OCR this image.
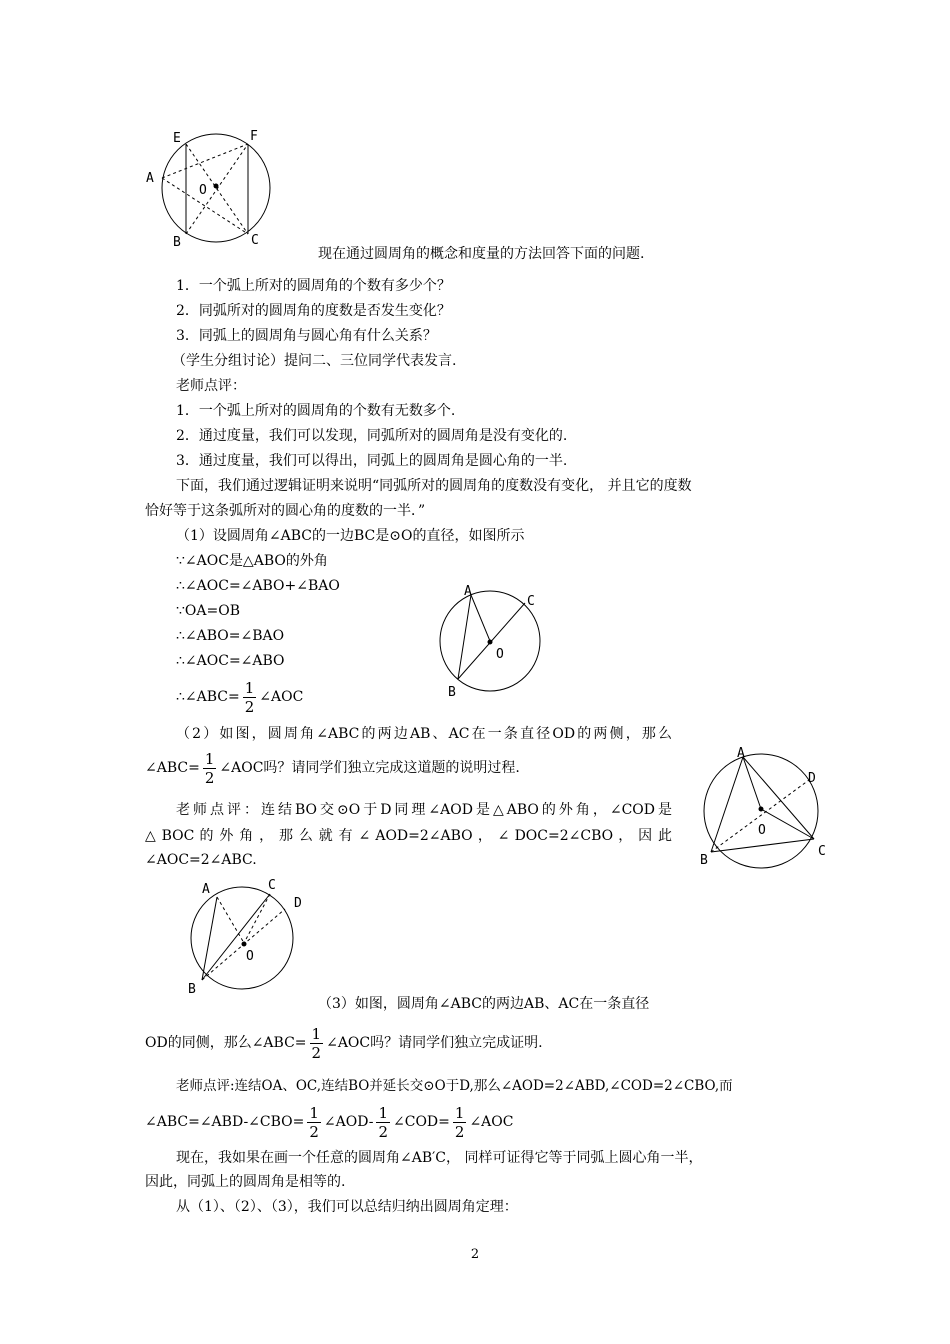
E	F
A
O
B	C
现在通过圆周角的概念和度量的方法回答下面的问题.
1．一个弧上所对的圆周角的个数有多少个？
2．同弧所对的圆周角的度数是否发生变化？
3．同弧上的圆周角与圆心角有什么关系？
（学生分组讨论）提问二、三位同学代表发言.
老师点评：
1．一个弧上所对的圆周角的个数有无数多个.
2．通过度量，我们可以发现，同弧所对的圆周角是没有变化的.
3．通过度量，我们可以得出，同弧上的圆周角是圆心角的一半.
下面，我们通过逻辑证明来说明“同弧所对的圆周角的度数没有变化， 并且它的度数
恰好等于这条弧所对的圆心角的度数的一半．”
（1）设圆周角∠ABC的一边BC是⊙O的直径，如图所示
∵∠AOC是△ABO的外角
∴∠AOC=∠ABO+∠BAO
∵OA=OB
∴∠ABO=∠BAO
∴∠AOC=∠ABO
∴∠ABC= $\frac{1}{2}$ ∠AOC
A
C
O
B
（2）如图，圆周角∠ABC的两边AB、AC在一条直径OD的两侧，那么
∠ABC= $\frac{1}{2}$ ∠AOC吗？请同学们独立完成这道题的说明过程.
老师点评：连结BO交⊙O于D同理∠AOD是△ABO的外角，∠COD是
△ BOC 的 外 角 ， 那 么 就 有 ∠ AOD=2∠ABO ， ∠ DOC=2∠CBO ， 因 此
∠AOC=2∠ABC.
A
D
O
B
C
A	C
D
O
B
（3）如图，圆周角∠ABC的两边AB、AC在一条直径
OD的同侧，那么∠ABC= $\frac{1}{2}$ ∠AOC吗？请同学们独立完成证明.
老师点评:连结OA、OC,连结BO并延长交⊙O于D,那么∠AOD=2∠ABD,∠COD=2∠CBO,而
∠ABC=∠ABD-∠CBO= $\frac{1}{2}$ ∠AOD- $\frac{1}{2}$ ∠COD= $\frac{1}{2}$ ∠AOC
现在，我如果在画一个任意的圆周角∠AB′C， 同样可证得它等于同弧上圆心角一半，
因此，同弧上的圆周角是相等的.
从（1）、（2）、（3），我们可以总结归纳出圆周角定理：
2
